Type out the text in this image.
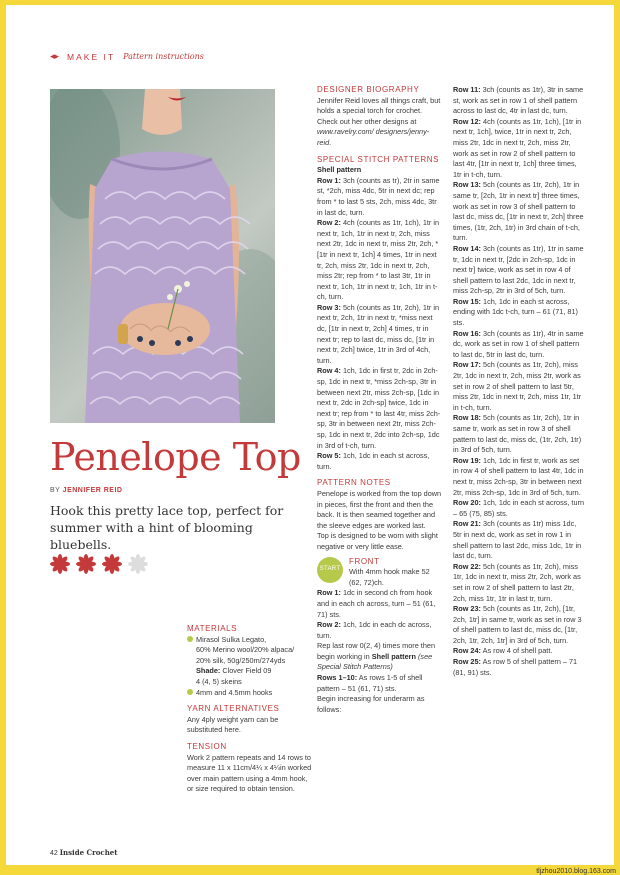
◂▸ MAKE IT Pattern instructions
Penelope Top
BY JENNIFER REID
Hook this pretty lace top, perfect for summer with a hint of blooming bluebells.
MATERIALS

Mirasol Sulka Legato,

60% Merino wool/20% alpaca/

20% silk, 50g/250m/274yds

Shade: Clover Field 09

4 (4, 5) skeins

4mm and 4.5mm hooks

YARN ALTERNATIVES

Any 4ply weight yarn can be substituted here.

TENSION

Work 2 pattern repeats and 14 rows to measure 11 x 11cm/4¼ x 4¼in worked over main pattern using a 4mm hook, or size required to obtain tension.

DESIGNER BIOGRAPHY

Jennifer Reid loves all things craft, but holds a special torch for crochet. Check out her other designs at www.ravelry.com/ designers/jenny-reid.

SPECIAL STITCH PATTERNS

Shell pattern

Row 1: 3ch (counts as tr), 2tr in same st, *2ch, miss 4dc, 5tr in next dc; rep from * to last 5 sts, 2ch, miss 4dc, 3tr in last dc, turn.

Row 2: 4ch (counts as 1tr, 1ch), 1tr in next tr, 1ch, 1tr in next tr, 2ch, miss next 2tr, 1dc in next tr, miss 2tr, 2ch, * [1tr in next tr, 1ch] 4 times, 1tr in next tr, 2ch, miss 2tr, 1dc in next tr, 2ch, miss 2tr; rep from * to last 3tr, 1tr in next tr, 1ch, 1tr in next tr, 1ch, 1tr in t-ch, turn.

Row 3: 5ch (counts as 1tr, 2ch), 1tr in next tr, 2ch, 1tr in next tr, *miss next dc, [1tr in next tr, 2ch] 4 times, tr in next tr; rep to last dc, miss dc, [1tr in next tr, 2ch] twice, 1tr in 3rd of 4ch, turn.

Row 4: 1ch, 1dc in first tr, 2dc in 2ch-sp, 1dc in next tr, *miss 2ch-sp, 3tr in between next 2tr, miss 2ch-sp, [1dc in next tr, 2dc in 2ch-sp] twice, 1dc in next tr; rep from * to last 4tr, miss 2ch-sp, 3tr in between next 2tr, miss 2ch-sp, 1dc in next tr, 2dc into 2ch-sp, 1dc in 3rd of t-ch, turn.

Row 5: 1ch, 1dc in each st across, turn.

PATTERN NOTES

Penelope is worked from the top down in pieces, first the front and then the back. It is then seamed together and the sleeve edges are worked last.

Top is designed to be worn with slight negative or very little ease.

START
FRONT

With 4mm hook make 52 (62, 72)ch.

Row 1: 1dc in second ch from hook and in each ch across, turn – 51 (61, 71) sts.

Row 2: 1ch, 1dc in each dc across, turn.

Rep last row 0(2, 4) times more then begin working in Shell pattern (see Special Stitch Patterns)

Rows 1–10: As rows 1-5 of shell pattern – 51 (61, 71) sts.

Begin increasing for underarm as follows:

Row 11: 3ch (counts as 1tr), 3tr in same st, work as set in row 1 of shell pattern across to last dc, 4tr in last dc, turn.

Row 12: 4ch (counts as 1tr, 1ch), [1tr in next tr, 1ch], twice, 1tr in next tr, 2ch, miss 2tr, 1dc in next tr, 2ch, miss 2tr, work as set in row 2 of shell pattern to last 4tr, [1tr in next tr, 1ch] three times, 1tr in t-ch, turn.

Row 13: 5ch (counts as 1tr, 2ch), 1tr in same tr, [2ch, 1tr in next tr] three times, work as set in row 3 of shell pattern to last dc, miss dc, [1tr in next tr, 2ch] three times, (1tr, 2ch, 1tr) in 3rd chain of t-ch, turn.

Row 14: 3ch (counts as 1tr), 1tr in same tr, 1dc in next tr, [2dc in 2ch-sp, 1dc in next tr] twice, work as set in row 4 of shell pattern to last 2dc, 1dc in next tr, miss 2ch-sp, 2tr in 3rd of 5ch, turn.

Row 15: 1ch, 1dc in each st across, ending with 1dc t-ch, turn – 61 (71, 81) sts.

Row 16: 3ch (counts as 1tr), 4tr in same dc, work as set in row 1 of shell pattern to last dc, 5tr in last dc, turn.

Row 17: 5ch (counts as 1tr, 2ch), miss 2tr, 1dc in next tr, 2ch, miss 2tr, work as set in row 2 of shell pattern to last 5tr, miss 2tr, 1dc in next tr, 2ch, miss 1tr, 1tr in t-ch, turn.

Row 18: 5ch (counts as 1tr, 2ch), 1tr in same tr, work as set in row 3 of shell pattern to last dc, miss dc, (1tr, 2ch, 1tr) in 3rd of 5ch, turn.

Row 19: 1ch, 1dc in first tr, work as set in row 4 of shell pattern to last 4tr, 1dc in next tr, miss 2ch-sp, 3tr in between next 2tr, miss 2ch-sp, 1dc in 3rd of 5ch, turn.

Row 20: 1ch, 1dc in each st across, turn – 65 (75, 85) sts.

Row 21: 3ch (counts as 1tr) miss 1dc, 5tr in next dc, work as set in row 1 in shell pattern to last 2dc, miss 1dc, 1tr in last dc, turn.

Row 22: 5ch (counts as 1tr, 2ch), miss 1tr, 1dc in next tr, miss 2tr, 2ch, work as set in row 2 of shell pattern to last 2tr, 2ch, miss 1tr, 1tr in last tr, turn.

Row 23: 5ch (counts as 1tr, 2ch), [1tr, 2ch, 1tr] in same tr, work as set in row 3 of shell pattern to last dc, miss dc, [1tr, 2ch, 1tr, 2ch, 1tr] in 3rd of 5ch, turn.

Row 24: As row 4 of shell patt.

Row 25: As row 5 of shell pattern – 71 (81, 91) sts.

42 Inside Crochet
tljzhou2010.blog.163.com
